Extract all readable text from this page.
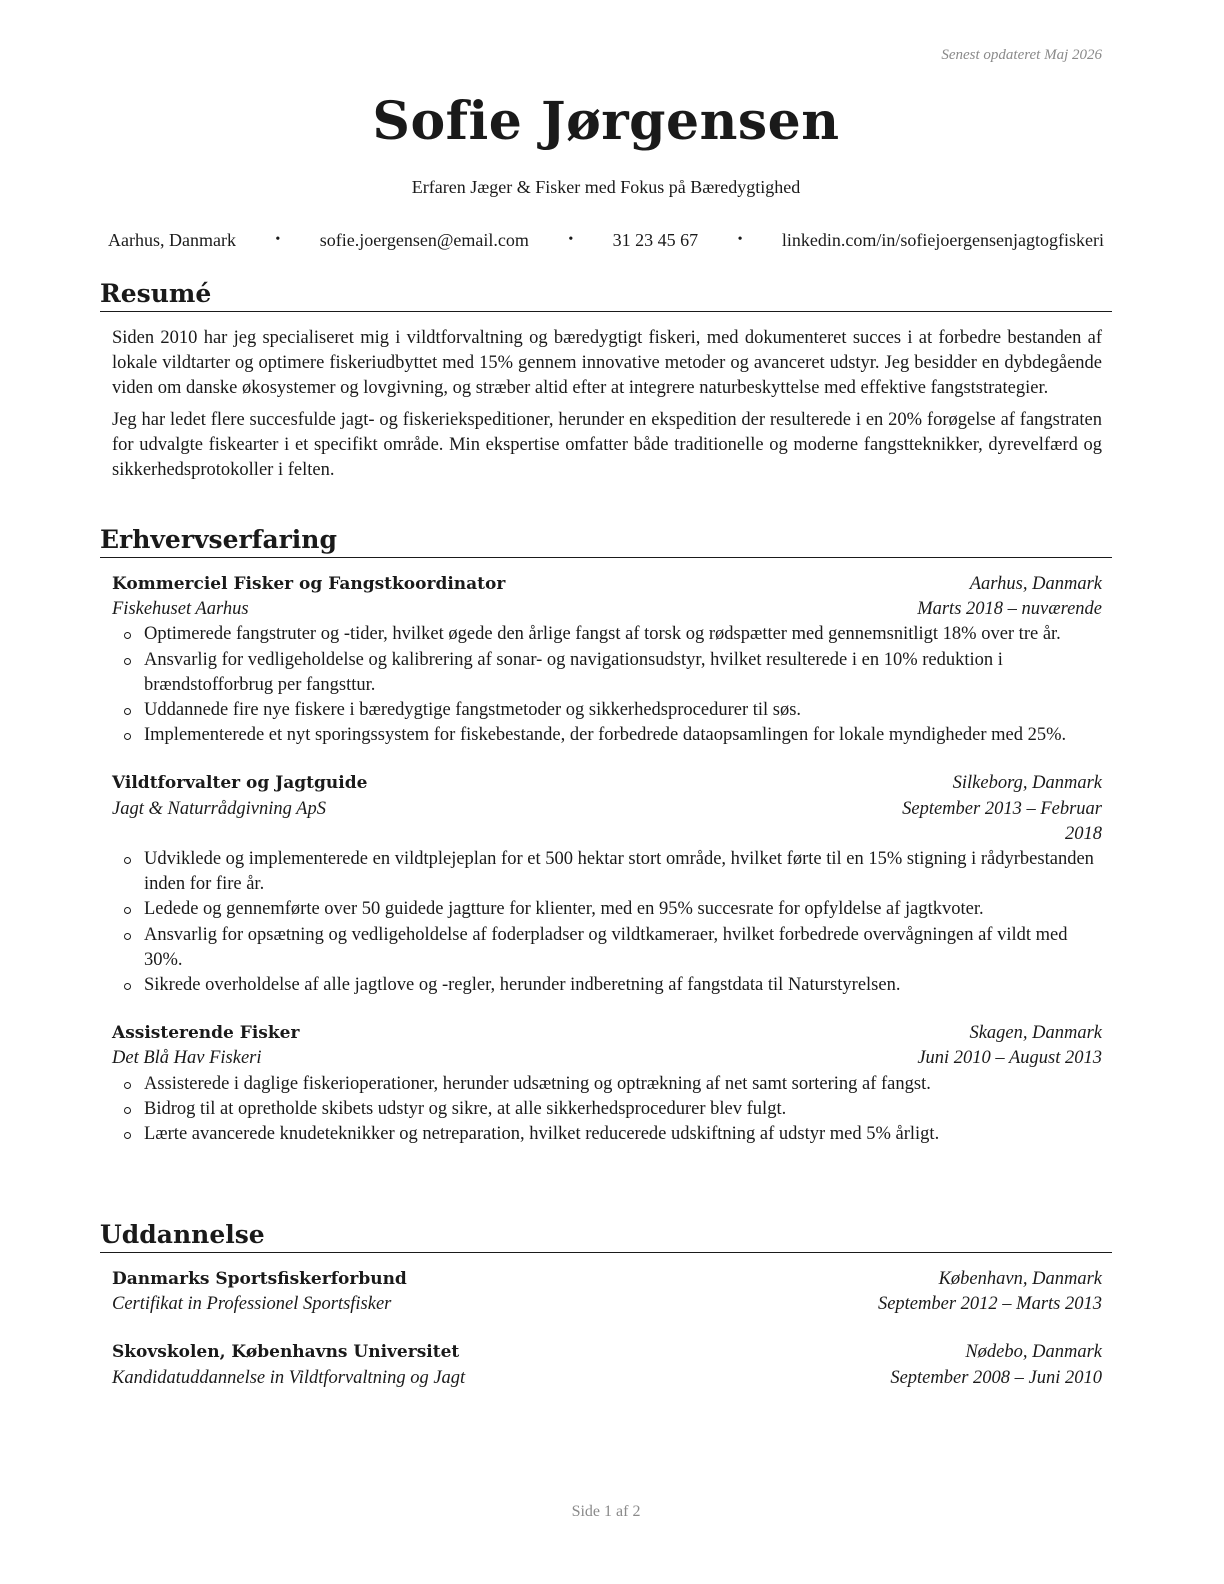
Senest opdateret Maj 2026
Sofie Jørgensen
Erfaren Jæger & Fisker med Fokus på Bæredygtighed
Aarhus, Danmark	• sofie.joergensen@email.com	• 31 23 45 67	• linkedin.com/in/sofiejoergensenjagtogfiskeri
Resumé

Siden 2010 har jeg specialiseret mig i vildtforvaltning og bæredygtigt fiskeri, med dokumenteret succes i at forbedre bestanden af lokale vildtarter og optimere fiskeriudbyttet med 15% gennem innovative metoder og avanceret udstyr. Jeg besidder en dybdegående viden om danske økosystemer og lovgivning, og stræber altid efter at integrere naturbeskyttelse med effektive fangststrategier.

Jeg har ledet flere succesfulde jagt- og fiskeriekspeditioner, herunder en ekspedition der resulterede i en 20% forøgelse af fangstraten for udvalgte fiskearter i et specifikt område. Min ekspertise omfatter både traditionelle og moderne fangstteknikker, dyrevelfærd og sikkerhedsprotokoller i felten.

Erhvervserfaring
Kommerciel Fisker og Fangstkoordinator	Aarhus, Danmark
Fiskehuset Aarhus	Marts 2018 – nuværende
Optimerede fangstruter og -tider, hvilket øgede den årlige fangst af torsk og rødspætter med gennemsnitligt 18% over tre år.
Ansvarlig for vedligeholdelse og kalibrering af sonar- og navigationsudstyr, hvilket resulterede i en 10% reduktion i brændstofforbrug per fangsttur.
Uddannede fire nye fiskere i bæredygtige fangstmetoder og sikkerhedsprocedurer til søs.
Implementerede et nyt sporingssystem for fiskebestande, der forbedrede dataopsamlingen for lokale myndigheder med 25%.
Vildtforvalter og Jagtguide	Silkeborg, Danmark
Jagt & Naturrådgivning ApS	September 2013 – Februar 2018
Udviklede og implementerede en vildtplejeplan for et 500 hektar stort område, hvilket førte til en 15% stigning i rådyrbestanden inden for fire år.
Ledede og gennemførte over 50 guidede jagtture for klienter, med en 95% succesrate for opfyldelse af jagtkvoter.
Ansvarlig for opsætning og vedligeholdelse af foderpladser og vildtkameraer, hvilket forbedrede overvågningen af vildt med 30%.
Sikrede overholdelse af alle jagtlove og -regler, herunder indberetning af fangstdata til Naturstyrelsen.
Assisterende Fisker	Skagen, Danmark
Det Blå Hav Fiskeri	Juni 2010 – August 2013
Assisterede i daglige fiskerioperationer, herunder udsætning og optrækning af net samt sortering af fangst.
Bidrog til at opretholde skibets udstyr og sikre, at alle sikkerhedsprocedurer blev fulgt.
Lærte avancerede knudeteknikker og netreparation, hvilket reducerede udskiftning af udstyr med 5% årligt.
Uddannelse
Danmarks Sportsfiskerforbund	København, Danmark
Certifikat in Professionel Sportsfisker	September 2012 – Marts 2013
Skovskolen, Københavns Universitet	Nødebo, Danmark
Kandidatuddannelse in Vildtforvaltning og Jagt	September 2008 – Juni 2010
Side 1 af 2
